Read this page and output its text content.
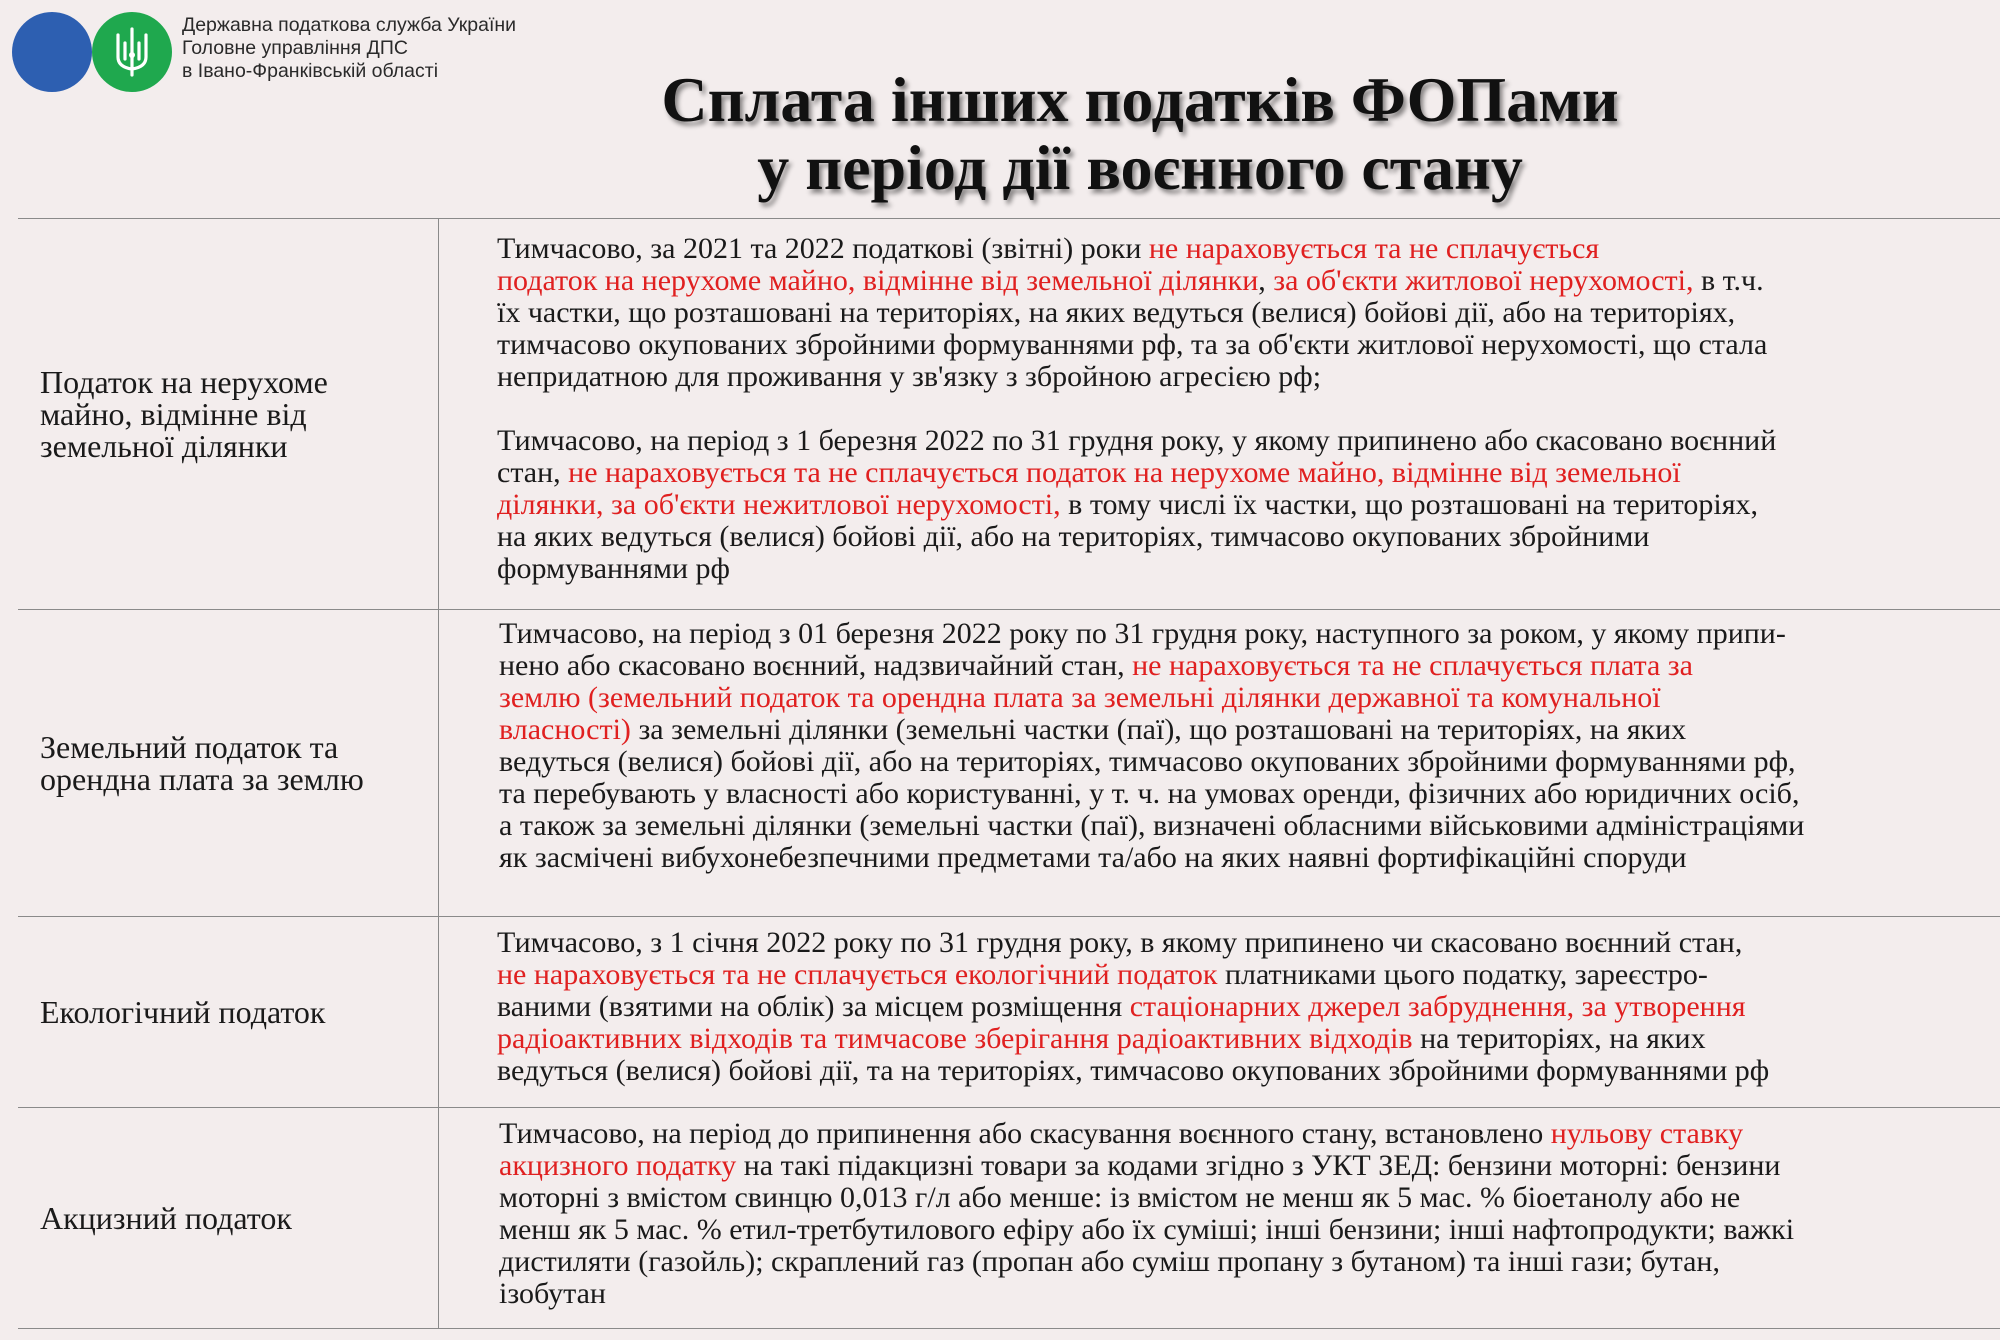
Державна податкова служба України
Головне управління ДПС
в Івано-Франківській області	Сплата інших податків ФОПами
у період дії воєнного стану
Податок на нерухоме
майно, відмінне від
земельної ділянки
Тимчасово, за 2021 та 2022 податкові (звітні) роки не нараховується та не сплачується
податок на нерухоме майно, відмінне від земельної ділянки, за об'єкти житлової нерухомості, в т.ч.
їх частки, що розташовані на територіях, на яких ведуться (велися) бойові дії, або на територіях,
тимчасово окупованих збройними формуваннями рф, та за об'єкти житлової нерухомості, що стала
непридатною для проживання у зв'язку з збройною агресією рф;
Тимчасово, на період з 1 березня 2022 по 31 грудня року, у якому припинено або скасовано воєнний
стан, не нараховується та не сплачується податок на нерухоме майно, відмінне від земельної
ділянки, за об'єкти нежитлової нерухомості, в тому числі їх частки, що розташовані на територіях,
на яких ведуться (велися) бойові дії, або на територіях, тимчасово окупованих збройними
формуваннями рф
Земельний податок та
орендна плата за землю
Тимчасово, на період з 01 березня 2022 року по 31 грудня року, наступного за роком, у якому припи-
нено або скасовано воєнний, надзвичайний стан, не нараховується та не сплачується плата за
землю (земельний податок та орендна плата за земельні ділянки державної та комунальної
власності) за земельні ділянки (земельні частки (паї), що розташовані на територіях, на яких
ведуться (велися) бойові дії, або на територіях, тимчасово окупованих збройними формуваннями рф,
та перебувають у власності або користуванні, у т. ч. на умовах оренди, фізичних або юридичних осіб,
а також за земельні ділянки (земельні частки (паї), визначені обласними військовими адміністраціями
як засмічені вибухонебезпечними предметами та/або на яких наявні фортифікаційні споруди
Екологічний податок
Тимчасово, з 1 січня 2022 року по 31 грудня року, в якому припинено чи скасовано воєнний стан,
не нараховується та не сплачується екологічний податок платниками цього податку, зареєстро-
ваними (взятими на облік) за місцем розміщення стаціонарних джерел забруднення, за утворення
радіоактивних відходів та тимчасове зберігання радіоактивних відходів на територіях, на яких
ведуться (велися) бойові дії, та на територіях, тимчасово окупованих збройними формуваннями рф
Акцизний податок
Тимчасово, на період до припинення або скасування воєнного стану, встановлено нульову ставку
акцизного податку на такі підакцизні товари за кодами згідно з УКТ ЗЕД: бензини моторні: бензини
моторні з вмістом свинцю 0,013 г/л або менше: із вмістом не менш як 5 мас. % біоетанолу або не
менш як 5 мас. % етил-третбутилового ефіру або їх суміші; інші бензини; інші нафтопродукти; важкі
дистиляти (газойль); скраплений газ (пропан або суміш пропану з бутаном) та інші гази; бутан,
ізобутан
